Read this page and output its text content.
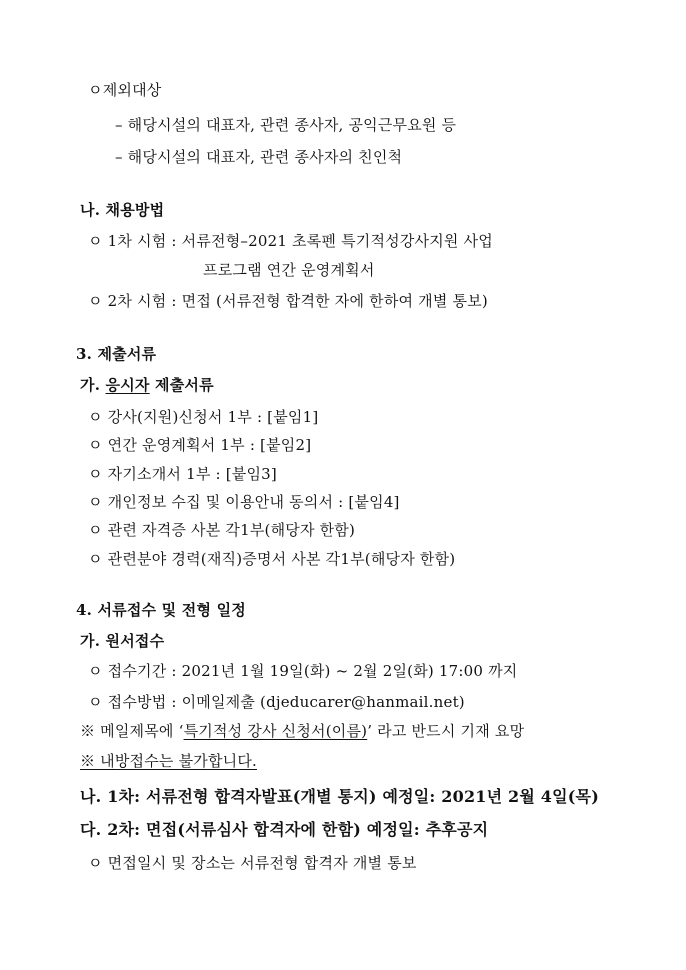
ㅇ제외대상
– 해당시설의 대표자, 관련 종사자, 공익근무요원 등
– 해당시설의 대표자, 관련 종사자의 친인척
나. 채용방법
ㅇ 1차 시험 : 서류전형–2021 초록펜 특기적성강사지원 사업
프로그램 연간 운영계획서
ㅇ 2차 시험 : 면접 (서류전형 합격한 자에 한하여 개별 통보)
3. 제출서류
가. 응시자 제출서류
ㅇ 강사(지원)신청서 1부 : [붙임1]
ㅇ 연간 운영계획서 1부 : [붙임2]
ㅇ 자기소개서 1부 : [붙임3]
ㅇ 개인정보 수집 및 이용안내 동의서 : [붙임4]
ㅇ 관련 자격증 사본 각1부(해당자 한함)
ㅇ 관련분야 경력(재직)증명서 사본 각1부(해당자 한함)
4. 서류접수 및 전형 일정
가. 원서접수
ㅇ 접수기간 : 2021년 1월 19일(화) ~ 2월 2일(화) 17:00 까지
ㅇ 접수방법 : 이메일제출 (djeducarer@hanmail.net)
※ 메일제목에 ‘특기적성 강사 신청서(이름)’ 라고 반드시 기재 요망
※ 내방접수는 불가합니다.
나. 1차: 서류전형 합격자발표(개별 통지) 예정일: 2021년 2월 4일(목)
다. 2차: 면접(서류심사 합격자에 한함) 예정일: 추후공지
ㅇ 면접일시 및 장소는 서류전형 합격자 개별 통보
